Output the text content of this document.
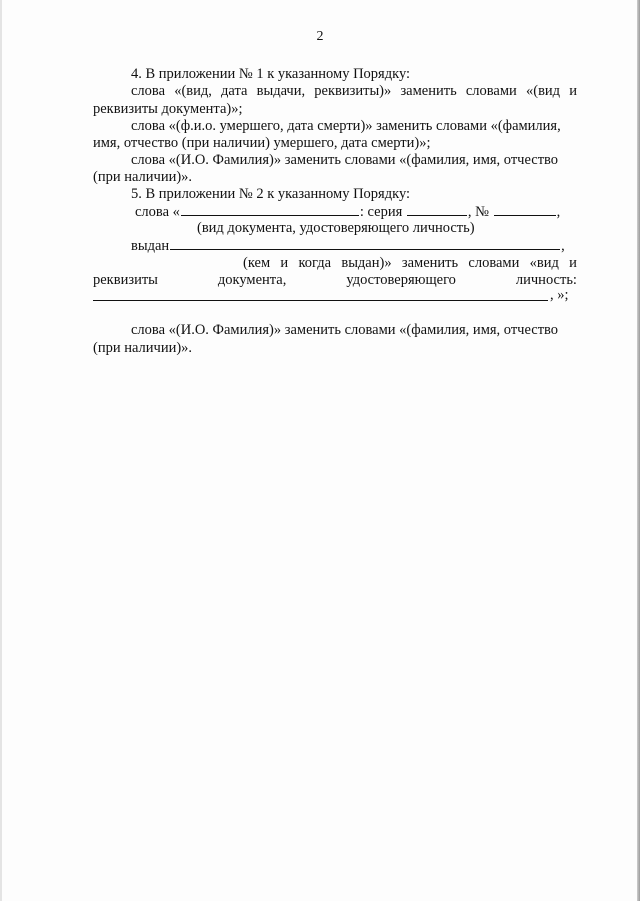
2
4. В приложении № 1 к указанному Порядку:
слова «(вид, дата выдачи, реквизиты)» заменить словами «(вид и
реквизиты документа)»;
слова «(ф.и.о. умершего, дата смерти)» заменить словами «(фамилия,
имя, отчество (при наличии) умершего, дата смерти)»;
слова «(И.О. Фамилия)» заменить словами «(фамилия, имя, отчество
(при наличии)».
5. В приложении № 2 к указанному Порядку:
слова «	: серия	, №	,
(вид документа, удостоверяющего личность)
выдан	,
(кем и когда выдан)» заменить словами «вид и
реквизиты	документа,	удостоверяющего	личность:
, »;
слова «(И.О. Фамилия)» заменить словами «(фамилия, имя, отчество
(при наличии)».
